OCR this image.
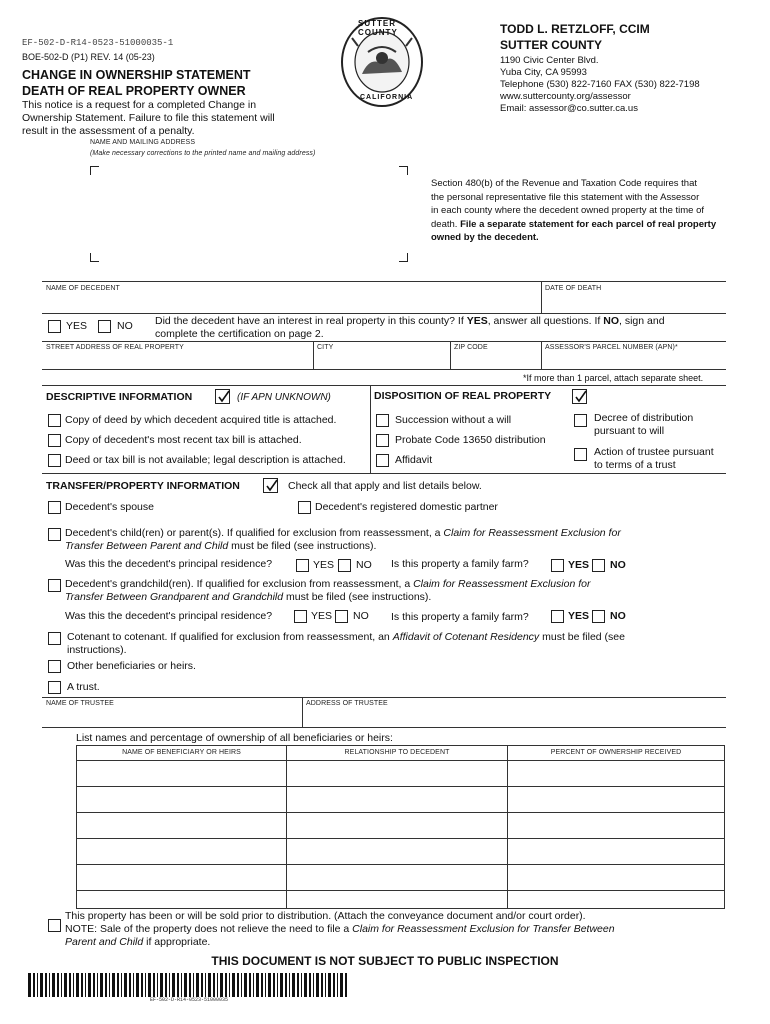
EF-502-D-R14-0523-51000035-1
BOE-502-D (P1) REV. 14 (05-23)
CHANGE IN OWNERSHIP STATEMENT
DEATH OF REAL PROPERTY OWNER
This notice is a request for a completed Change in
Ownership Statement. Failure to file this statement will
result in the assessment of a penalty.
SUTTER COUNTY
CALIFORNIA
TODD L. RETZLOFF, CCIM
SUTTER COUNTY
1190 Civic Center Blvd.
Yuba City, CA 95993
Telephone (530) 822-7160 FAX (530) 822-7198
www.suttercounty.org/assessor
Email: assessor@co.sutter.ca.us
NAME AND MAILING ADDRESS
(Make necessary corrections to the printed name and mailing address)
Section 480(b) of the Revenue and Taxation Code requires that
the personal representative file this statement with the Assessor
in each county where the decedent owned property at the time of
death. File a separate statement for each parcel of real property
owned by the decedent.
NAME OF DECEDENT	DATE OF DEATH
YES	NO Did the decedent have an interest in real property in this county? If YES, answer all questions. If NO, sign and
complete the certification on page 2.
STREET ADDRESS OF REAL PROPERTY	CITY	ZIP CODE	ASSESSOR'S PARCEL NUMBER (APN)*
*If more than 1 parcel, attach separate sheet.
DESCRIPTIVE INFORMATION	(IF APN UNKNOWN)
Copy of deed by which decedent acquired title is attached.
Copy of decedent's most recent tax bill is attached.
Deed or tax bill is not available; legal description is attached.
DISPOSITION OF REAL PROPERTY
Succession without a will
Probate Code 13650 distribution
Affidavit
Decree of distribution
pursuant to will
Action of trustee pursuant
to terms of a trust
TRANSFER/PROPERTY INFORMATION	Check all that apply and list details below.
Decedent's spouse	Decedent's registered domestic partner
Decedent's child(ren) or parent(s). If qualified for exclusion from reassessment, a Claim for Reassessment Exclusion for
Transfer Between Parent and Child must be filed (see instructions).
Was this the decedent's principal residence?	YES NO Is this property a family farm?	YES NO
Decedent's grandchild(ren). If qualified for exclusion from reassessment, a Claim for Reassessment Exclusion for
Transfer Between Grandparent and Grandchild must be filed (see instructions).
Was this the decedent's principal residence?	YES NO Is this property a family farm?	YES NO
Cotenant to cotenant. If qualified for exclusion from reassessment, an Affidavit of Cotenant Residency must be filed (see
instructions).
Other beneficiaries or heirs.
A trust.
NAME OF TRUSTEE	ADDRESS OF TRUSTEE
List names and percentage of ownership of all beneficiaries or heirs:
NAME OF BENEFICIARY OR HEIRS	RELATIONSHIP TO DECEDENT	PERCENT OF OWNERSHIP RECEIVED
This property has been or will be sold prior to distribution. (Attach the conveyance document and/or court order).
NOTE: Sale of the property does not relieve the need to file a Claim for Reassessment Exclusion for Transfer Between
Parent and Child if appropriate.
THIS DOCUMENT IS NOT SUBJECT TO PUBLIC INSPECTION
EF-502-D-R14-0523-51000035
